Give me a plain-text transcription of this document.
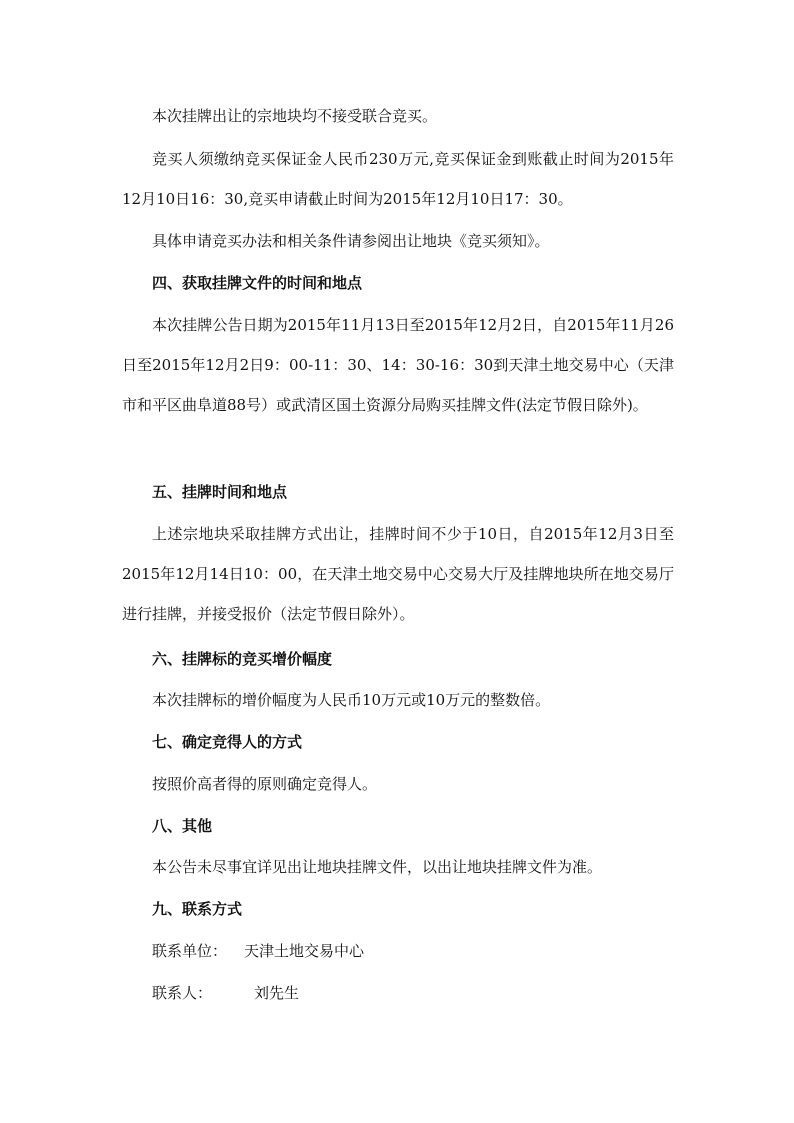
本次挂牌出让的宗地块均不接受联合竞买。

竞买人须缴纳竞买保证金人民币230万元,竞买保证金到账截止时间为2015年12月10日16：30,竞买申请截止时间为2015年12月10日17：30。

具体申请竞买办法和相关条件请参阅出让地块《竞买须知》。

四、获取挂牌文件的时间和地点

本次挂牌公告日期为2015年11月13日至2015年12月2日，自2015年11月26日至2015年12月2日9：00-11：30、14：30-16：30到天津土地交易中心（天津市和平区曲阜道88号）或武清区国土资源分局购买挂牌文件(法定节假日除外)。

五、挂牌时间和地点

上述宗地块采取挂牌方式出让，挂牌时间不少于10日，自2015年12月3日至2015年12月14日10：00，在天津土地交易中心交易大厅及挂牌地块所在地交易厅进行挂牌，并接受报价（法定节假日除外）。

六、挂牌标的竞买增价幅度

本次挂牌标的增价幅度为人民币10万元或10万元的整数倍。

七、确定竞得人的方式

按照价高者得的原则确定竞得人。

八、其他

本公告未尽事宜详见出让地块挂牌文件，以出让地块挂牌文件为准。

九、联系方式

联系单位： 天津土地交易中心

联系人：	刘先生
